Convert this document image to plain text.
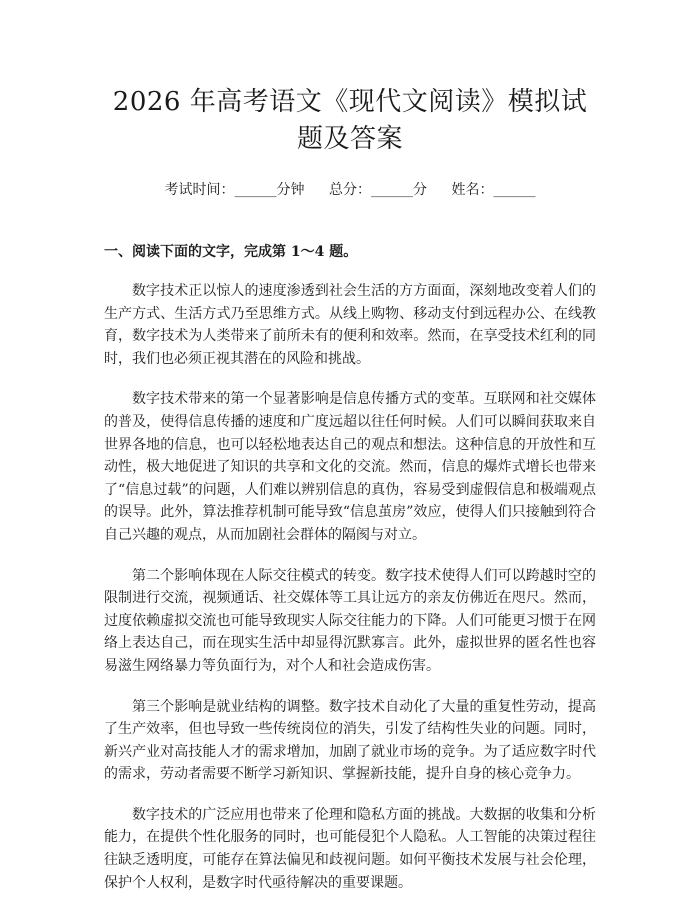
2026 年高考语文《现代文阅读》模拟试题及答案
考试时间：______分钟 总分：______分 姓名：______
一、阅读下面的文字，完成第 1～4 题。

数字技术正以惊人的速度渗透到社会生活的方方面面，深刻地改变着人们的生产方式、生活方式乃至思维方式。从线上购物、移动支付到远程办公、在线教育，数字技术为人类带来了前所未有的便利和效率。然而，在享受技术红利的同时，我们也必须正视其潜在的风险和挑战。

数字技术带来的第一个显著影响是信息传播方式的变革。互联网和社交媒体的普及，使得信息传播的速度和广度远超以往任何时候。人们可以瞬间获取来自世界各地的信息，也可以轻松地表达自己的观点和想法。这种信息的开放性和互动性，极大地促进了知识的共享和文化的交流。然而，信息的爆炸式增长也带来了“信息过载”的问题，人们难以辨别信息的真伪，容易受到虚假信息和极端观点的误导。此外，算法推荐机制可能导致“信息茧房”效应，使得人们只接触到符合自己兴趣的观点，从而加剧社会群体的隔阂与对立。

第二个影响体现在人际交往模式的转变。数字技术使得人们可以跨越时空的限制进行交流，视频通话、社交媒体等工具让远方的亲友仿佛近在咫尺。然而，过度依赖虚拟交流也可能导致现实人际交往能力的下降。人们可能更习惯于在网络上表达自己，而在现实生活中却显得沉默寡言。此外，虚拟世界的匿名性也容易滋生网络暴力等负面行为，对个人和社会造成伤害。

第三个影响是就业结构的调整。数字技术自动化了大量的重复性劳动，提高了生产效率，但也导致一些传统岗位的消失，引发了结构性失业的问题。同时，新兴产业对高技能人才的需求增加，加剧了就业市场的竞争。为了适应数字时代的需求，劳动者需要不断学习新知识、掌握新技能，提升自身的核心竞争力。

数字技术的广泛应用也带来了伦理和隐私方面的挑战。大数据的收集和分析能力，在提供个性化服务的同时，也可能侵犯个人隐私。人工智能的决策过程往往缺乏透明度，可能存在算法偏见和歧视问题。如何平衡技术发展与社会伦理，保护个人权利，是数字时代亟待解决的重要课题。
